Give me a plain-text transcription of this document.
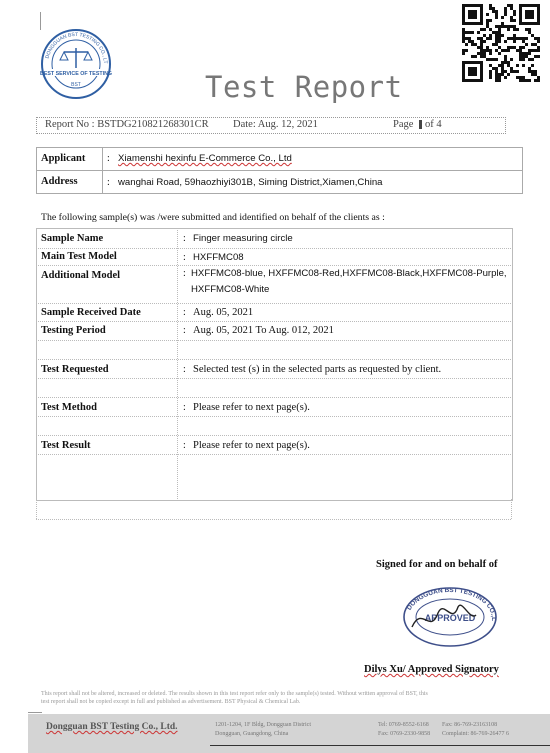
DONGGUAN BST TESTING CO., LT
BEST SERVICE OF TESTING
BST	Test Report
Report No : BSTDG210821268301CR Date: Aug. 12, 2021	Page of 4
Applicant : Xiamenshi hexinfu E-Commerce Co., Ltd
Address	: wanghai Road, 59haozhiyi301B, Siming District,Xiamen,China
The following sample(s) was /were submitted and identified on behalf of the clients as :
Sample Name	: Finger measuring circle
Main Test Model	: HXFFMC08
Additional Model	: HXFFMC08-blue, HXFFMC08-Red,HXFFMC08-Black,HXFFMC08-Purple,
HXFFMC08-White
Sample Received Date	: Aug. 05, 2021
Testing Period	: Aug. 05, 2021 To Aug. 012, 2021
Test Requested	: Selected test (s) in the selected parts as requested by client.
Test Method	: Please refer to next page(s).
Test Result	: Please refer to next page(s).
Signed for and on behalf of
DONGGUAN BST TESTING CO.,L
APPROVED
Dilys Xu/ Approved Signatory
This report shall not be altered, increased or deleted. The results shown in this test report refer only to the sample(s) tested. Without written approval of BST, this
test report shall not be copied except in full and published as advertisement. BST Physical & Chemical Lab.
Dongguan BST Testing Co., Ltd.	1201-1204, 1F Bldg, Dongguan District
Dongguan, Guangdong, China
Tel: 0769-8552-6168
Fax: 0769-2330-9858
Fax: 86-769-23163108
Complaint: 86-769-26477 6
